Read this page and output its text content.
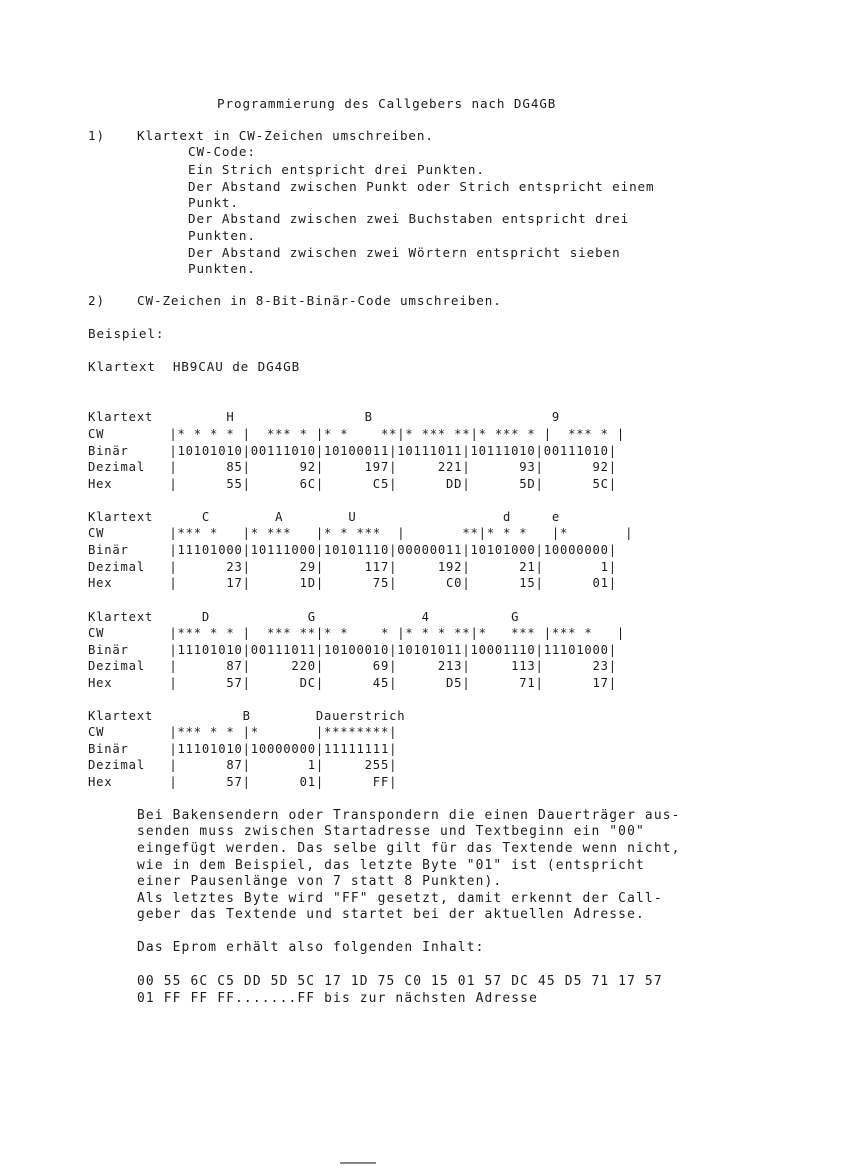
Programmierung des Callgebers nach DG4GB
1)	Klartext in CW-Zeichen umschreiben.
CW-Code:
Ein Strich entspricht drei Punkten.
Der Abstand zwischen Punkt oder Strich entspricht einem
Punkt.
Der Abstand zwischen zwei Buchstaben entspricht drei
Punkten.
Der Abstand zwischen zwei Wörtern entspricht sieben
Punkten.
2)	CW-Zeichen in 8-Bit-Binär-Code umschreiben.
Beispiel:
Klartext  HB9CAU de DG4GB
Klartext         H                B                      9
CW        |* * * * |  *** * |* *    **|* *** **|* *** * |  *** * |
Binär     |10101010|00111010|10100011|10111011|10111010|00111010|
Dezimal   |      85|      92|     197|     221|      93|      92|
Hex       |      55|      6C|      C5|      DD|      5D|      5C|
Klartext      C        A        U                  d     e
CW        |*** *   |* ***   |* * ***  |       **|* * *   |*       |
Binär     |11101000|10111000|10101110|00000011|10101000|10000000|
Dezimal   |      23|      29|     117|     192|      21|       1|
Hex       |      17|      1D|      75|      C0|      15|      01|
Klartext      D            G             4          G
CW        |*** * * |  *** **|* *    * |* * * **|*   *** |*** *   |
Binär     |11101010|00111011|10100010|10101011|10001110|11101000|
Dezimal   |      87|     220|      69|     213|     113|      23|
Hex       |      57|      DC|      45|      D5|      71|      17|
Klartext           B        Dauerstrich
CW        |*** * * |*       |********|
Binär     |11101010|10000000|11111111|
Dezimal   |      87|       1|     255|
Hex       |      57|      01|      FF|
Bei Bakensendern oder Transpondern die einen Dauerträger aus-
senden muss zwischen Startadresse und Textbeginn ein "00"
eingefügt werden. Das selbe gilt für das Textende wenn nicht,
wie in dem Beispiel, das letzte Byte "01" ist (entspricht
einer Pausenlänge von 7 statt 8 Punkten).
Als letztes Byte wird "FF" gesetzt, damit erkennt der Call-
geber das Textende und startet bei der aktuellen Adresse.
Das Eprom erhält also folgenden Inhalt:
00 55 6C C5 DD 5D 5C 17 1D 75 C0 15 01 57 DC 45 D5 71 17 57
01 FF FF FF.......FF bis zur nächsten Adresse
